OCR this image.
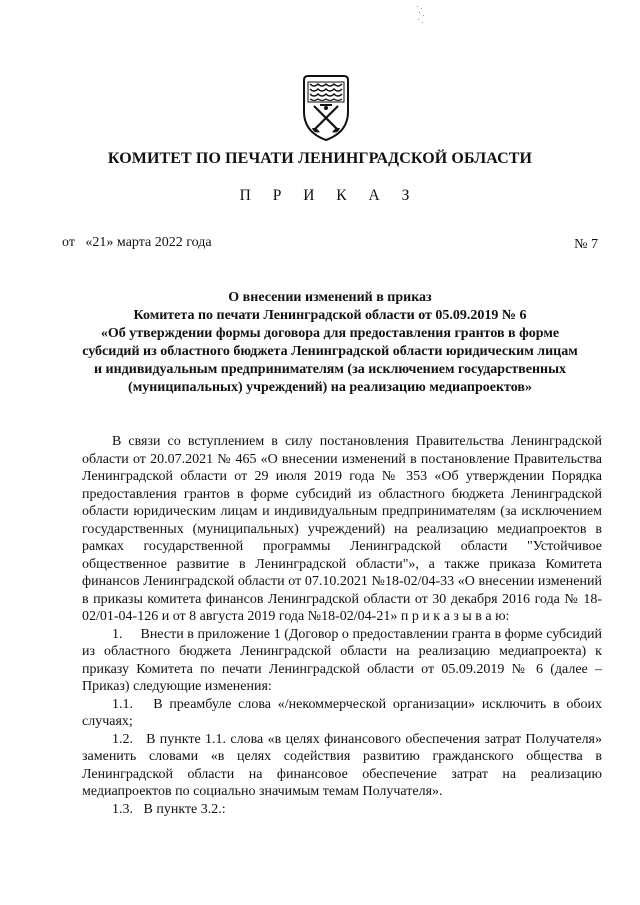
КОМИТЕТ ПО ПЕЧАТИ ЛЕНИНГРАДСКОЙ ОБЛАСТИ
П Р И К А З
от   «21» марта 2022 года	№ 7
О внесении изменений в приказ
Комитета по печати Ленинградской области от 05.09.2019 № 6
«Об утверждении формы договора для предоставления грантов в форме
субсидий из областного бюджета Ленинградской области юридическим лицам
и индивидуальным предпринимателям (за исключением государственных
(муниципальных) учреждений) на реализацию медиапроектов»

В связи со вступлением в силу постановления Правительства Ленинградской области от 20.07.2021 № 465 «О внесении изменений в постановление Правительства Ленинградской области от 29 июля 2019 года № 353 «Об утверждении Порядка предоставления грантов в форме субсидий из областного бюджета Ленинградской области юридическим лицам и индивидуальным предпринимателям (за исключением государственных (муниципальных) учреждений) на реализацию медиапроектов в рамках государственной программы Ленинградской области "Устойчивое общественное развитие в Ленинградской области"», а также приказа Комитета финансов Ленинградской области от 07.10.2021 №18-02/04-33 «О внесении изменений в приказы комитета финансов Ленинградской области от 30 декабря 2016 года № 18-02/01-04-126 и от 8 августа 2019 года №18-02/04-21» п р и к а з ы в а ю:

1.     Внести в приложение 1 (Договор о предоставлении гранта в форме субсидий из областного бюджета Ленинградской области на реализацию медиапроекта) к приказу Комитета по печати Ленинградской области от 05.09.2019 № 6 (далее – Приказ) следующие изменения:

1.1.   В преамбуле слова «/некоммерческой организации» исключить в обоих случаях;

1.2.   В пункте 1.1. слова «в целях финансового обеспечения затрат Получателя» заменить словами «в целях содействия развитию гражданского общества в Ленинградской области на финансовое обеспечение затрат на реализацию медиапроектов по социально значимым темам Получателя».

1.3.   В пункте 3.2.:
